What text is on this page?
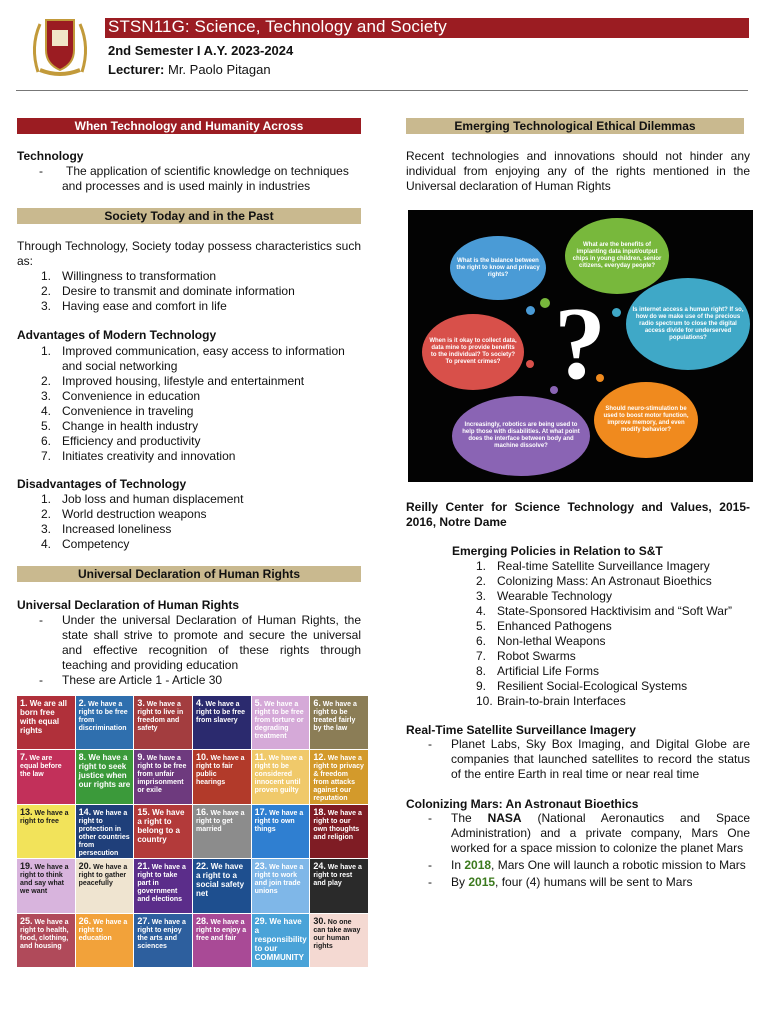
STSN11G: Science, Technology and Society
2nd Semester I A.Y. 2023-2024
Lecturer: Mr. Paolo Pitagan
When Technology and Humanity Across
Technology
- The application of scientific knowledge on techniques and processes and is used mainly in industries
Society Today and in the Past
Through Technology, Society today possess characteristics such as:
1. Willingness to transformation
2. Desire to transmit and dominate information
3. Having ease and comfort in life
Advantages of Modern Technology
1. Improved communication, easy access to information and social networking
2. Improved housing, lifestyle and entertainment
3. Convenience in education
4. Convenience in traveling
5. Change in health industry
6. Efficiency and productivity
7. Initiates creativity and innovation
Disadvantages of Technology
1. Job loss and human displacement
2. World destruction weapons
3. Increased loneliness
4. Competency
Universal Declaration of Human Rights
Universal Declaration of Human Rights
- Under the universal Declaration of Human Rights, the state shall strive to promote and secure the universal and effective recognition of these rights through teaching and providing education
- These are Article 1 - Article 30
1. We are all born free with equal rights
2. We have a right to be free from discrimination
3. We have a right to live in freedom and safety
4. We have a right to be free from slavery
5. We have a right to be free from torture or degrading treatment
6. We have a right to be treated fairly by the law
7. We are equal before the law
8. We have a right to seek justice when our rights are
9. We have a right to be free from unfair imprisonment or exile
10. We have a right to fair public hearings
11. We have a right to be considered innocent until proven guilty
12. We have a right to privacy & freedom from attacks against our reputation
13. We have a right to free
14. We have a right to protection in other countries from persecution
15. We have a right to belong to a country
16. We have a right to get married
17. We have a right to own things
18. We have a right to our own thoughts and religion
19. We have a right to think and say what we want
20. We have a right to gather peacefully
21. We have a right to take part in government and elections
22. We have a right to a social safety net
23. We have a right to work and join trade unions
24. We have a right to rest and play
25. We have a right to health, food, clothing, and housing
26. We have a right to education
27. We have a right to enjoy the arts and sciences
28. We have a right to enjoy a free and fair
29. We have a responsibility to our COMMUNITY
30. No one can take away our human rights
Emerging Technological Ethical Dilemmas
Recent technologies and innovations should not hinder any individual from enjoying any of the rights mentioned in the Universal declaration of Human Rights
What is the balance between the right to know and privacy rights?
What are the benefits of implanting data input/output chips in young children, senior citizens, everyday people?
Is internet access a human right? If so, how do we make use of the precious radio spectrum to close the digital access divide for underserved populations?
When is it okay to collect data, data mine to provide benefits to the individual? To society? To prevent crimes?
Should neuro-stimulation be used to boost motor function, improve memory, and even modify behavior?
Increasingly, robotics are being used to help those with disabilities. At what point does the interface between body and machine dissolve?
?
Reilly Center for Science Technology and Values, 2015-2016, Notre Dame
Emerging Policies in Relation to S&T
1. Real-time Satellite Surveillance Imagery
2. Colonizing Mass: An Astronaut Bioethics
3. Wearable Technology
4. State-Sponsored Hacktivisim and “Soft War”
5. Enhanced Pathogens
6. Non-lethal Weapons
7. Robot Swarms
8. Artificial Life Forms
9. Resilient Social-Ecological Systems
10. Brain-to-brain Interfaces
Real-Time Satellite Surveillance Imagery
- Planet Labs, Sky Box Imaging, and Digital Globe are companies that launched satellites to record the status of the entire Earth in real time or near real time
Colonizing Mars: An Astronaut Bioethics
- The NASA (National Aeronautics and Space Administration) and a private company, Mars One worked for a space mission to colonize the planet Mars
- In 2018, Mars One will launch a robotic mission to Mars
- By 2015, four (4) humans will be sent to Mars
